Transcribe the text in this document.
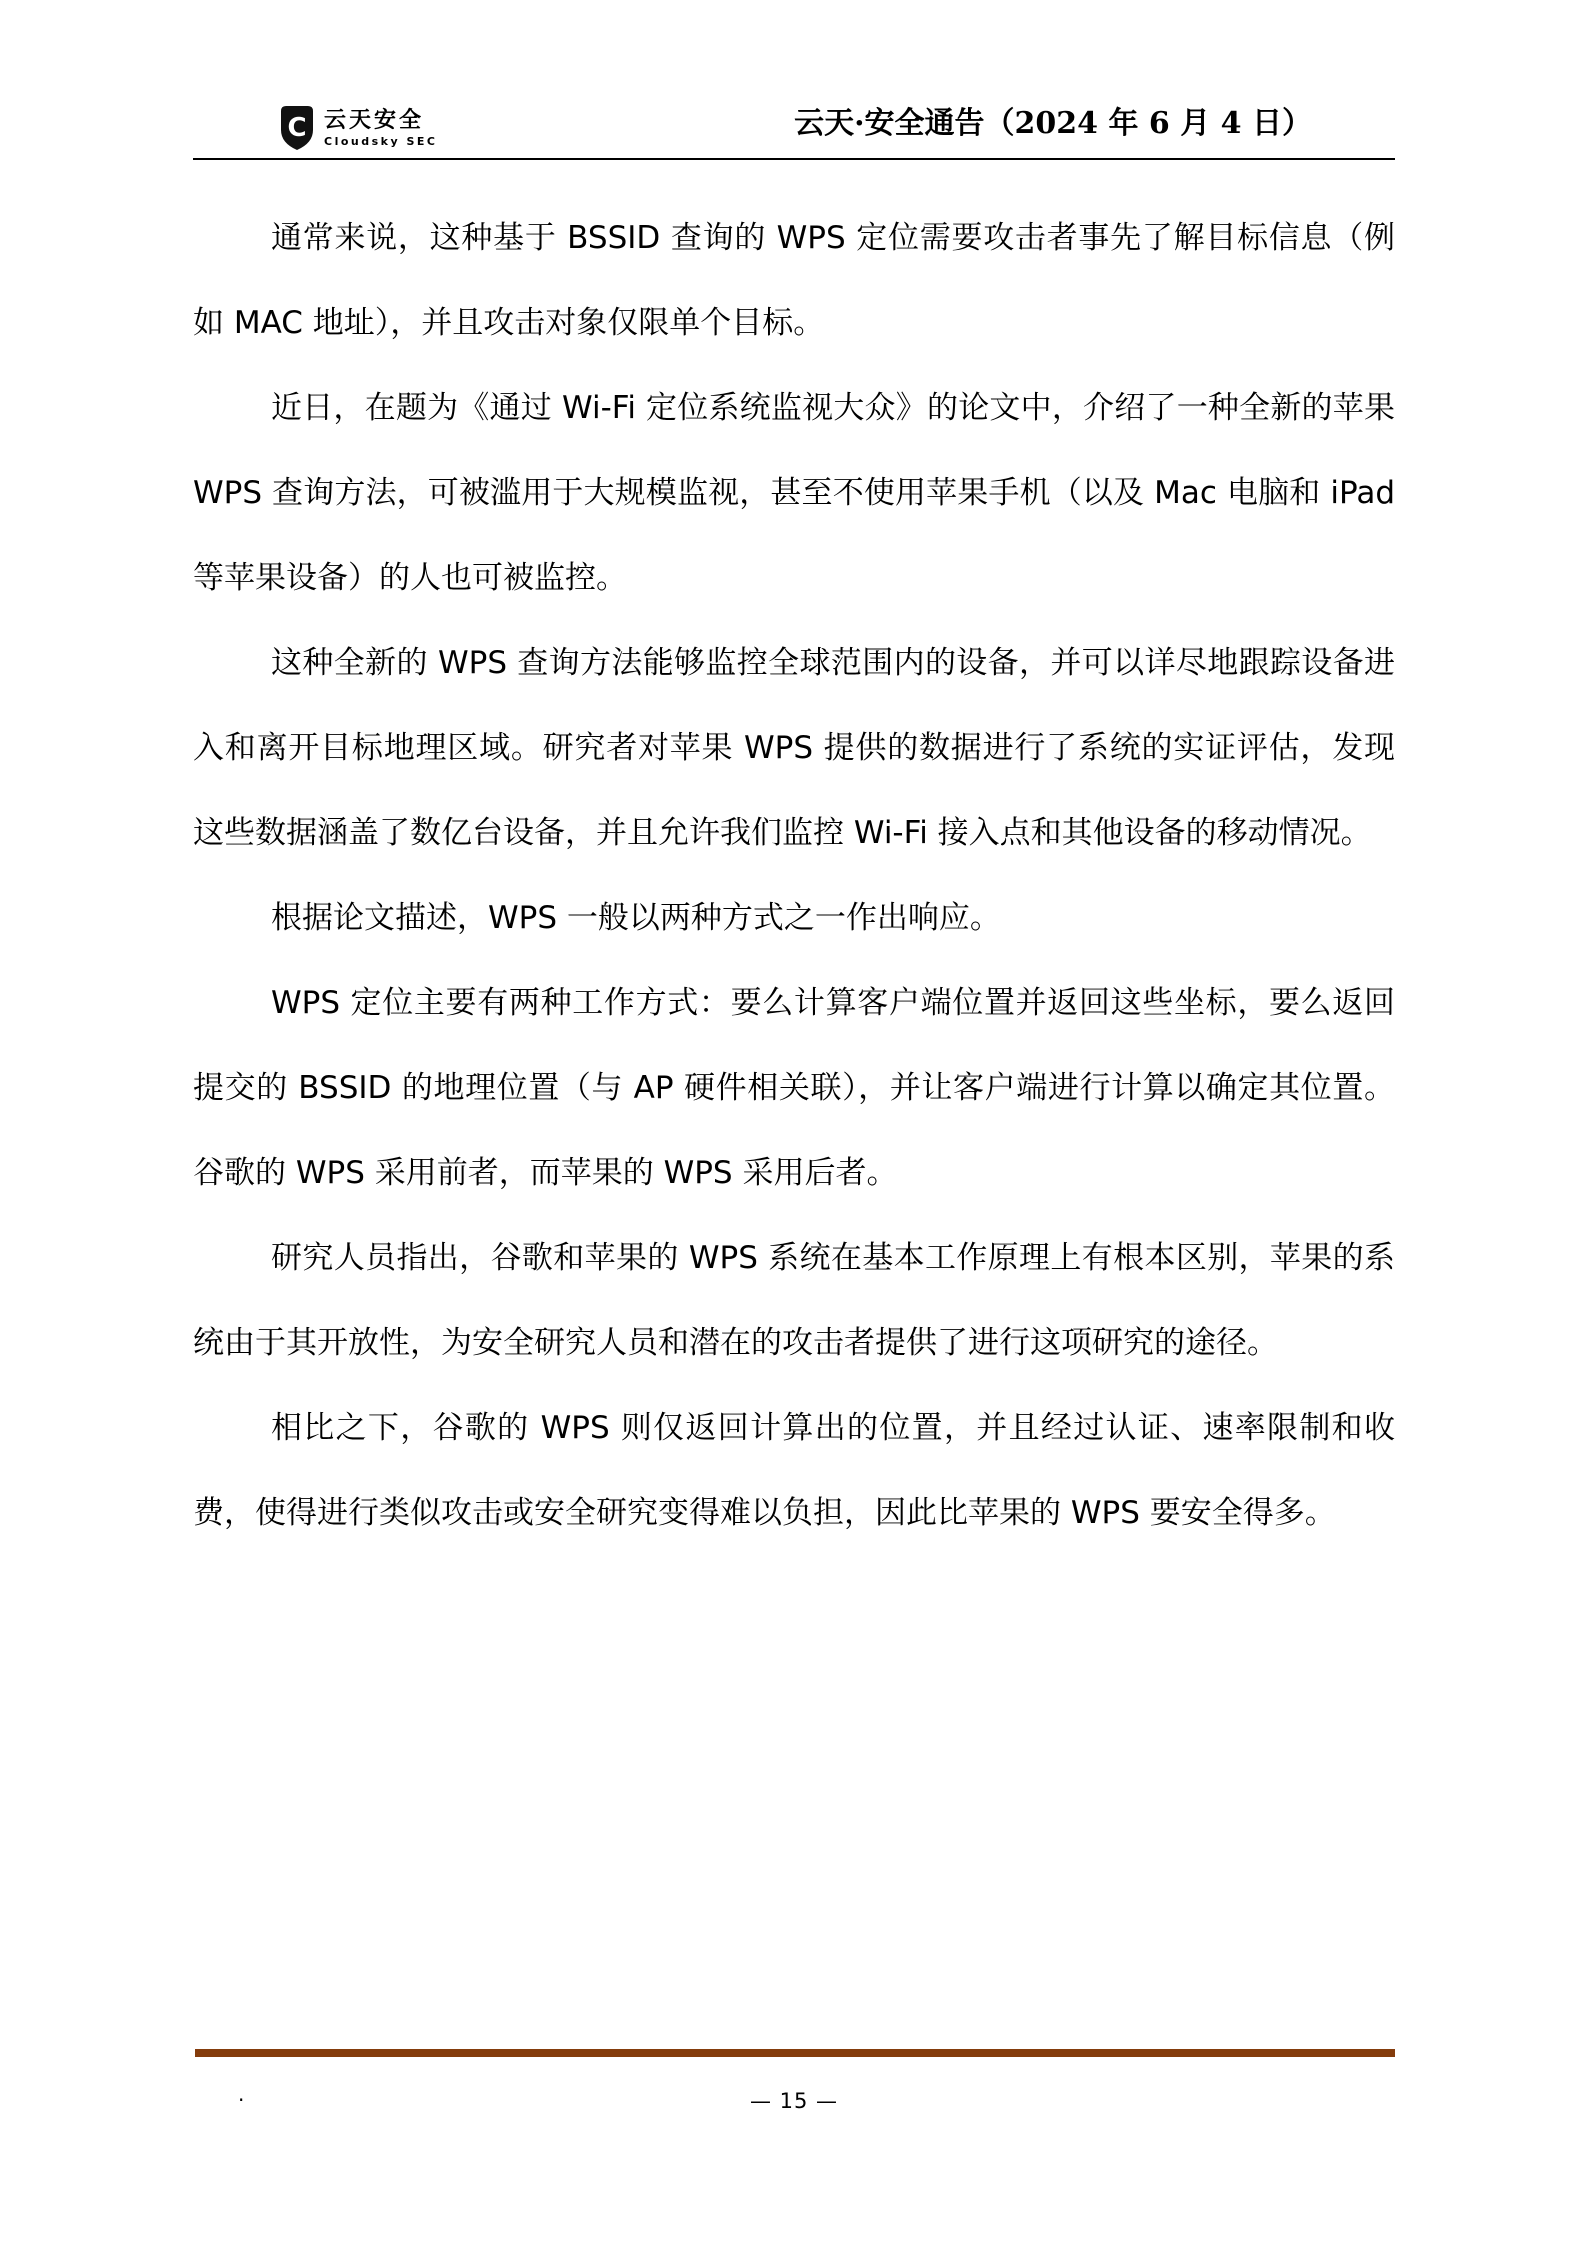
C 云天安全
Cloudsky SEC	云天·安全通告（2024 年 6 月 4 日）

通常来说，这种基于 BSSID 查询的 WPS 定位需要攻击者事先了解目标信息（例如 MAC 地址），并且攻击对象仅限单个目标。

近日，在题为《通过 Wi-Fi 定位系统监视大众》的论文中，介绍了一种全新的苹果 WPS 查询方法，可被滥用于大规模监视，甚至不使用苹果手机（以及 Mac 电脑和 iPad 等苹果设备）的人也可被监控。

这种全新的 WPS 查询方法能够监控全球范围内的设备，并可以详尽地跟踪设备进入和离开目标地理区域。研究者对苹果 WPS 提供的数据进行了系统的实证评估，发现这些数据涵盖了数亿台设备，并且允许我们监控 Wi-Fi 接入点和其他设备的移动情况。

根据论文描述，WPS 一般以两种方式之一作出响应。

WPS 定位主要有两种工作方式：要么计算客户端位置并返回这些坐标，要么返回提交的 BSSID 的地理位置（与 AP 硬件相关联），并让客户端进行计算以确定其位置。谷歌的 WPS 采用前者，而苹果的 WPS 采用后者。

研究人员指出，谷歌和苹果的 WPS 系统在基本工作原理上有根本区别，苹果的系统由于其开放性，为安全研究人员和潜在的攻击者提供了进行这项研究的途径。

相比之下，谷歌的 WPS 则仅返回计算出的位置，并且经过认证、速率限制和收费，使得进行类似攻击或安全研究变得难以负担，因此比苹果的 WPS 要安全得多。

.	— 15 —
